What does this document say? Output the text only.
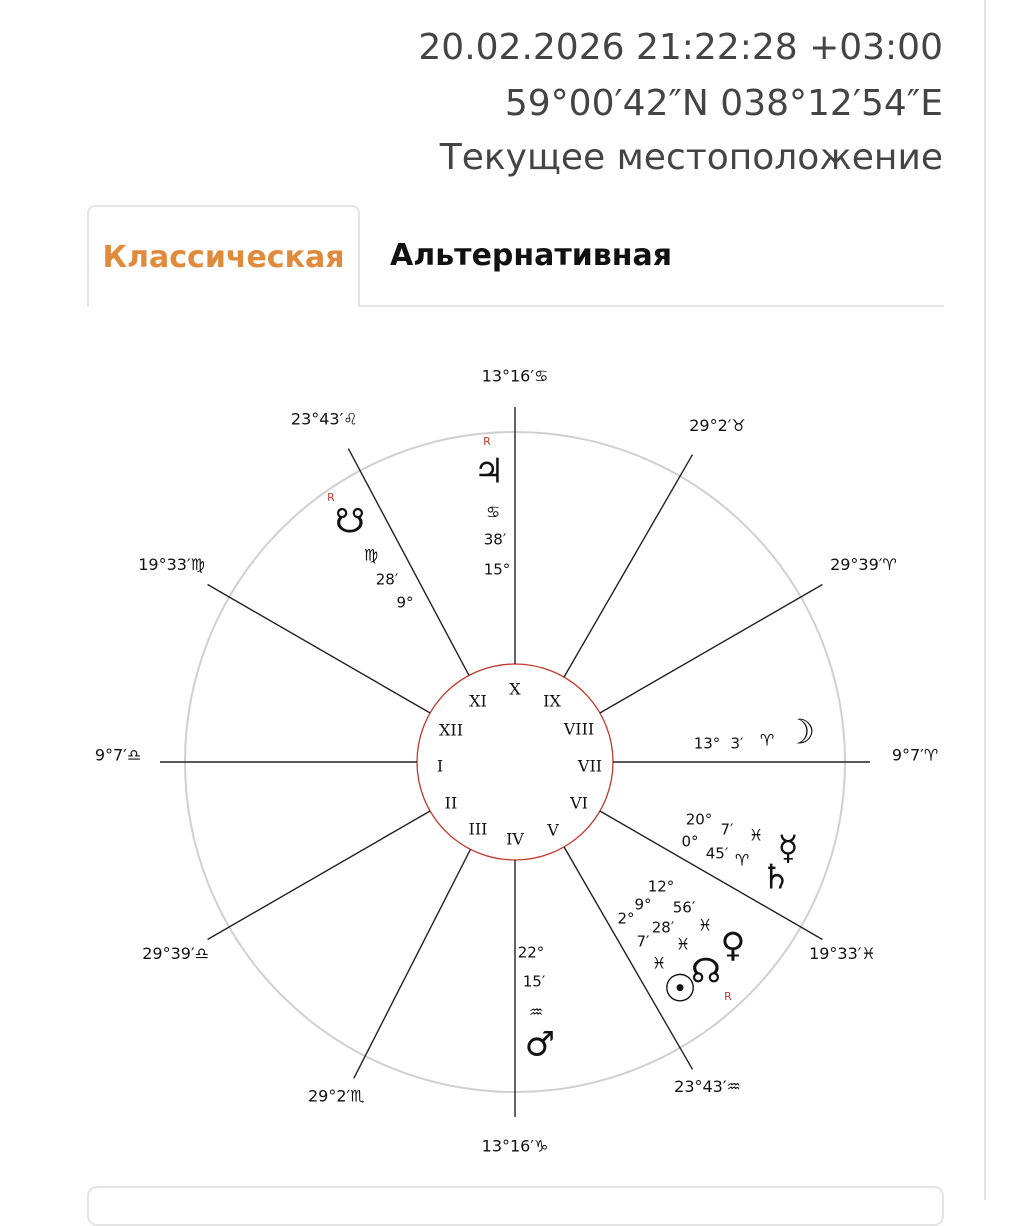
20.02.2026 21:22:28 +03:00
59°00′42″N 038°12′54″E
Текущее местоположение
Классическая	Альтернативная
9°7′♎
29°39′♎
29°2′♏
13°16′♑
23°43′♒
19°33′♓
9°7′♈
29°39′♈
29°2′♉
13°16′♋
23°43′♌
19°33′♍
I
II
III
IV V
VI
VII
VIII
IX
X
XI
XII
♃
♋
38′
15°
R
☋
♍
28′
9°
R
☽
♈
3′
13°
☿
♓
7′
20°
♄
♈
45′
0°
♀
♓
56′
12°
☊
♓
28′
9°
R
☉
♓
7′
2°
♂
♒
15′
22°
